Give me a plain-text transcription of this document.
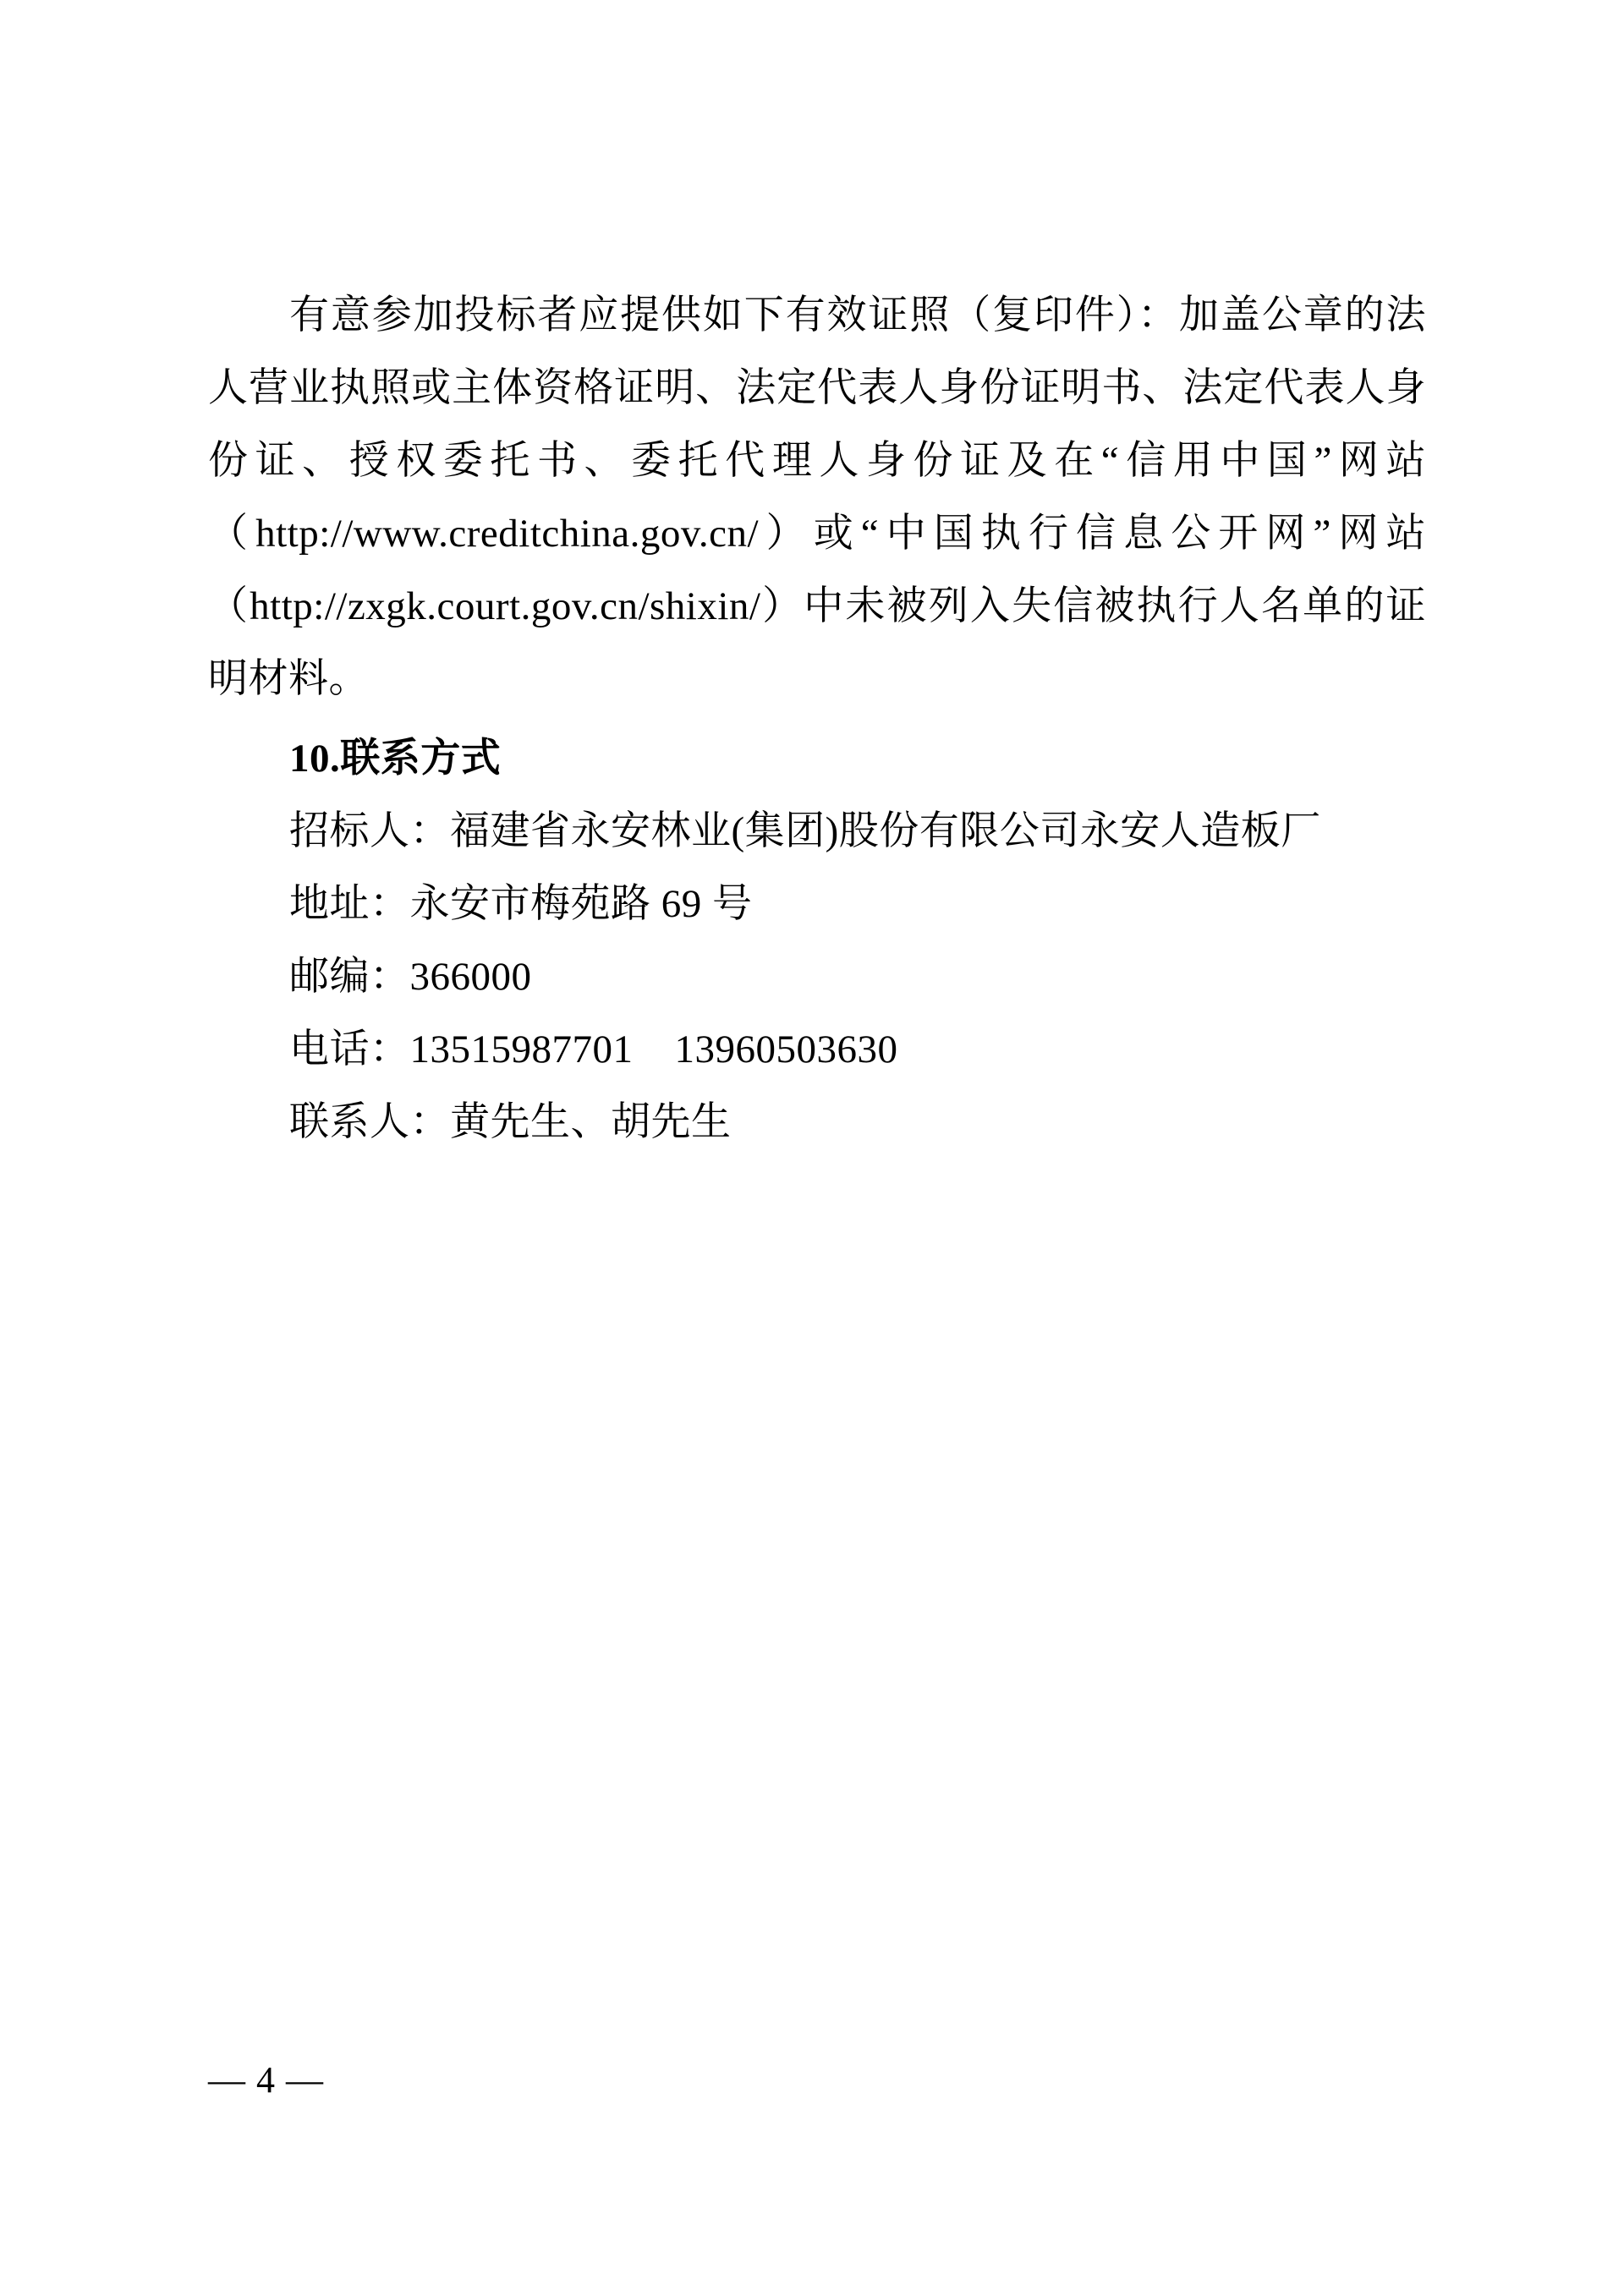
有意参加投标者应提供如下有效证照（复印件）：加盖公章的法人营业执照或主体资格证明、法定代表人身份证明书、法定代表人身份证、授权委托书、委托代理人身份证及在“信用中国”网站（http://www.creditchina.gov.cn/）或“中国执行信息公开网”网站（http://zxgk.court.gov.cn/shixin/）中未被列入失信被执行人名单的证明材料。

10.联系方式

招标人：福建省永安林业(集团)股份有限公司永安人造板厂

地址：永安市梅苑路 69 号

邮编：366000

电话：13515987701    13960503630

联系人：黄先生、胡先生

— 4 —
